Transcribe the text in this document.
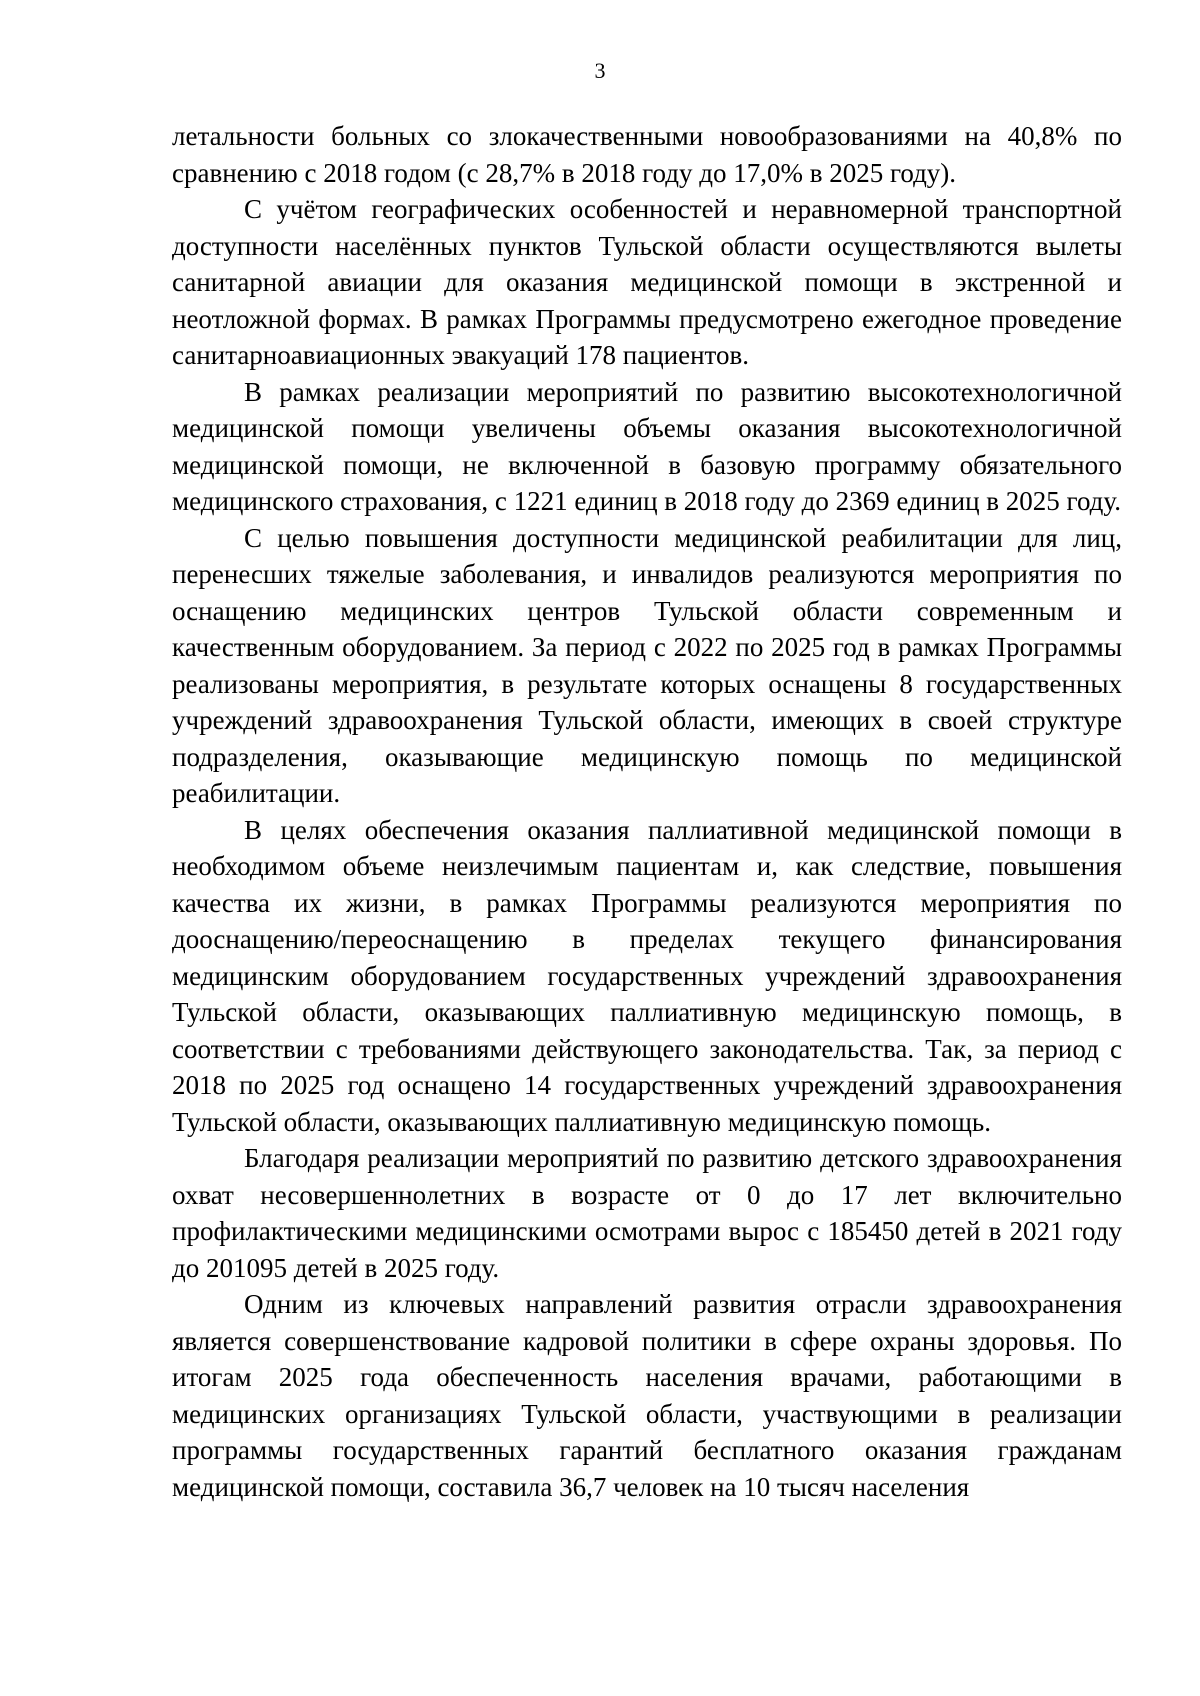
3

летальности больных со злокачественными новообразованиями на 40,8% по сравнению с 2018 годом (с 28,7% в 2018 году до 17,0% в 2025 году).

С учётом географических особенностей и неравномерной транспортной доступности населённых пунктов Тульской области осуществляются вылеты санитарной авиации для оказания медицинской помощи в экстренной и неотложной формах. В рамках Программы предусмотрено ежегодное проведение санитарноавиационных эвакуаций 178 пациентов.

В рамках реализации мероприятий по развитию высокотехнологичной медицинской помощи увеличены объемы оказания высокотехнологичной медицинской помощи, не включенной в базовую программу обязательного медицинского страхования, с 1221 единиц в 2018 году до 2369 единиц в 2025 году.

С целью повышения доступности медицинской реабилитации для лиц, перенесших тяжелые заболевания, и инвалидов реализуются мероприятия по оснащению медицинских центров Тульской области современным и качественным оборудованием. За период с 2022 по 2025 год в рамках Программы реализованы мероприятия, в результате которых оснащены 8 государственных учреждений здравоохранения Тульской области, имеющих в своей структуре подразделения, оказывающие медицинскую помощь по медицинской реабилитации.

В целях обеспечения оказания паллиативной медицинской помощи в необходимом объеме неизлечимым пациентам и, как следствие, повышения качества их жизни, в рамках Программы реализуются мероприятия по дооснащению/переоснащению в пределах текущего финансирования медицинским оборудованием государственных учреждений здравоохранения Тульской области, оказывающих паллиативную медицинскую помощь, в соответствии с требованиями действующего законодательства. Так, за период с 2018 по 2025 год оснащено 14 государственных учреждений здравоохранения Тульской области, оказывающих паллиативную медицинскую помощь.

Благодаря реализации мероприятий по развитию детского здравоохранения охват несовершеннолетних в возрасте от 0 до 17 лет включительно профилактическими медицинскими осмотрами вырос с 185450 детей в 2021 году до 201095 детей в 2025 году.

Одним из ключевых направлений развития отрасли здравоохранения является совершенствование кадровой политики в сфере охраны здоровья. По итогам 2025 года обеспеченность населения врачами, работающими в медицинских организациях Тульской области, участвующими в реализации программы государственных гарантий бесплатного оказания гражданам медицинской помощи, составила 36,7 человек на 10 тысяч населения
